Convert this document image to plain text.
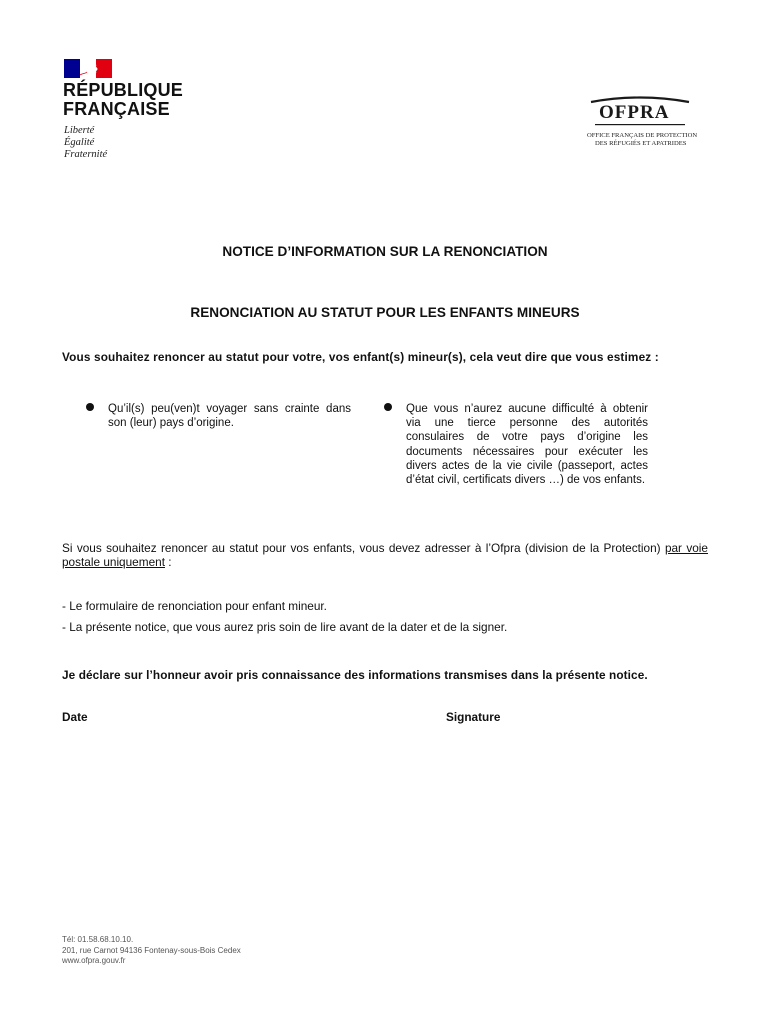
RÉPUBLIQUE
FRANÇAISE
Liberté
Égalité
Fraternité
OFPRA
OFFICE FRANÇAIS DE PROTECTION
DES RÉFUGIÉS ET APATRIDES
NOTICE D’INFORMATION SUR LA RENONCIATION
RENONCIATION AU STATUT POUR LES ENFANTS MINEURS
Vous souhaitez renoncer au statut pour votre, vos enfant(s) mineur(s), cela veut dire que vous estimez :
Qu’il(s) peu(ven)t voyager sans crainte dans son (leur) pays d’origine.
Que vous n’aurez aucune difficulté à obtenir via une tierce personne des autorités consulaires de votre pays d’origine les documents nécessaires pour exécuter les divers actes de la vie civile (passeport, actes d’état civil, certificats divers …) de vos enfants.
Si vous souhaitez renoncer au statut pour vos enfants, vous devez adresser à l’Ofpra (division de la Protection) par voie postale uniquement :
- Le formulaire de renonciation pour enfant mineur.
- La présente notice, que vous aurez pris soin de lire avant de la dater et de la signer.
Je déclare sur l’honneur avoir pris connaissance des informations transmises dans la présente notice.
Date	Signature
Tél: 01.58.68.10.10.
201, rue Carnot 94136 Fontenay-sous-Bois Cedex
www.ofpra.gouv.fr
